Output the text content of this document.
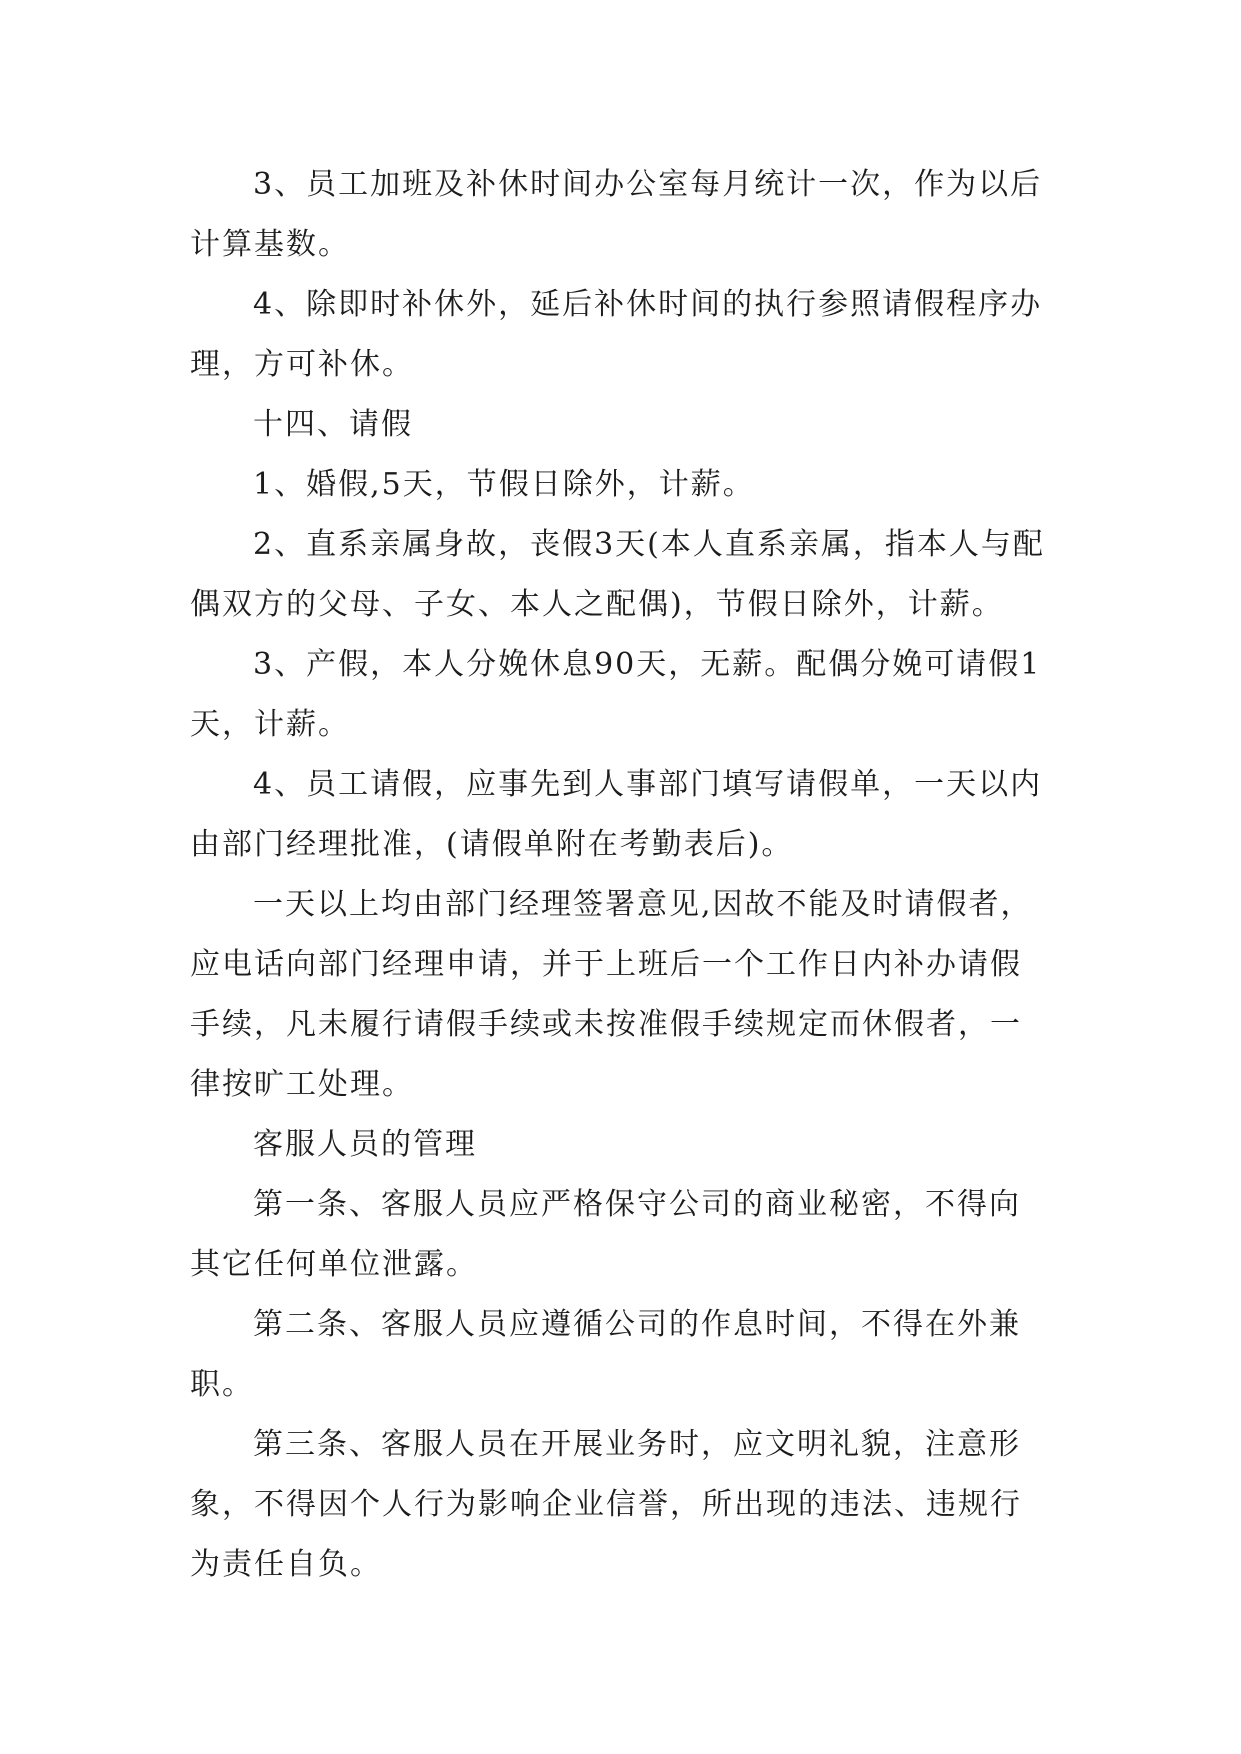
3、员工加班及补休时间办公室每月统计一次，作为以后计算基数。

4、除即时补休外，延后补休时间的执行参照请假程序办理，方可补休。

十四、请假

1、婚假,5天，节假日除外，计薪。

2、直系亲属身故，丧假3天(本人直系亲属，指本人与配偶双方的父母、子女、本人之配偶)，节假日除外，计薪。

3、产假，本人分娩休息90天，无薪。配偶分娩可请假1天，计薪。

4、员工请假，应事先到人事部门填写请假单，一天以内由部门经理批准，(请假单附在考勤表后)。

一天以上均由部门经理签署意见,因故不能及时请假者，应电话向部门经理申请，并于上班后一个工作日内补办请假手续，凡未履行请假手续或未按准假手续规定而休假者，一律按旷工处理。

客服人员的管理

第一条、客服人员应严格保守公司的商业秘密，不得向其它任何单位泄露。

第二条、客服人员应遵循公司的作息时间，不得在外兼职。

第三条、客服人员在开展业务时，应文明礼貌，注意形象，不得因个人行为影响企业信誉，所出现的违法、违规行为责任自负。
